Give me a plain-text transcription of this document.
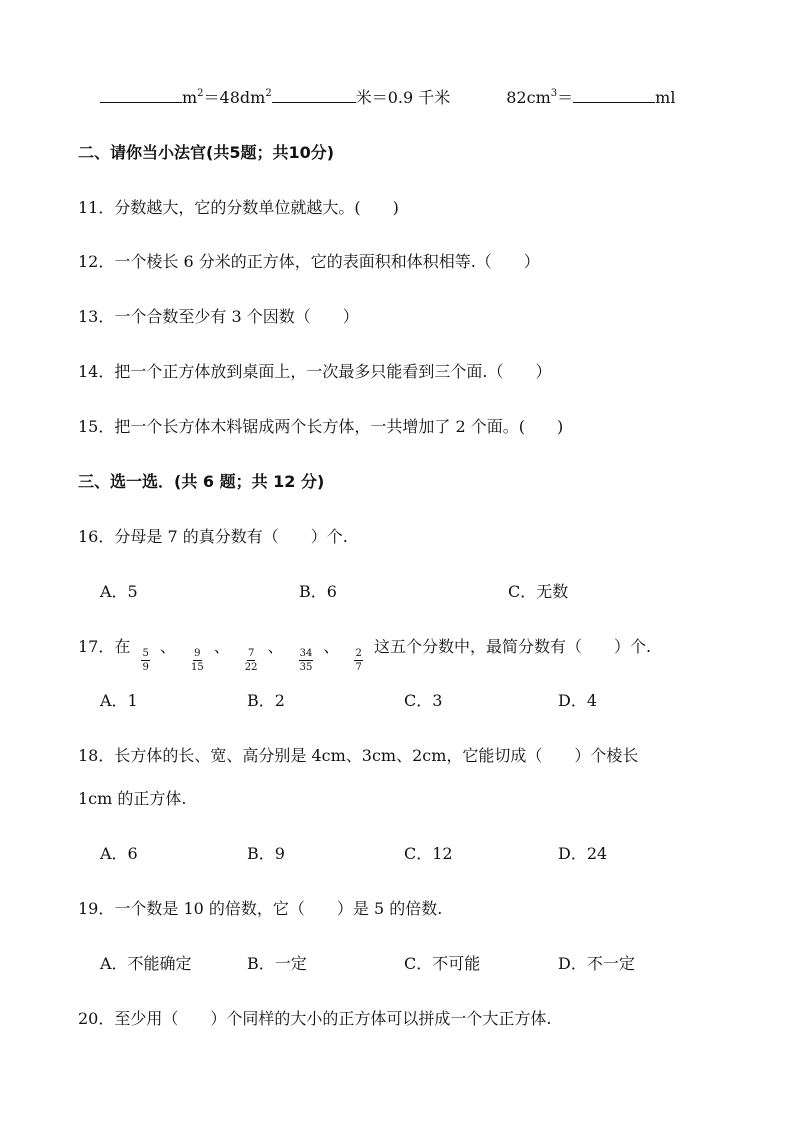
$m^2=48dm^2$	米＝0.9 千米	$82cm^3=$	ml
二、请你当小法官(共5题；共10分)
11．分数越大，它的分数单位就越大。(　　)
12．一个棱长 6 分米的正方体，它的表面积和体积相等.（　　）
13．一个合数至少有 3 个因数（　　）
14．把一个正方体放到桌面上，一次最多只能看到三个面.（　　）
15．把一个长方体木料锯成两个长方体，一共增加了 2 个面。(　　)
三、选一选．(共 6 题；共 12 分)
16．分母是 7 的真分数有（　　）个.
A．5	B．6	C．无数
17．在
$\frac{5}{9}$
、
$\frac{9}{15}$
、
$\frac{7}{22}$
、
$\frac{34}{35}$
、
$\frac{2}{7}$
这五个分数中，最简分数有（　　）个.
A．1	B．2	C．3	D．4
18．长方体的长、宽、高分别是 4cm、3cm、2cm，它能切成（　　）个棱长
1cm 的正方体.
A．6	B．9	C．12	D．24
19．一个数是 10 的倍数，它（　　）是 5 的倍数.
A．不能确定	B．一定	C．不可能	D．不一定
20．至少用（　　）个同样的大小的正方体可以拼成一个大正方体.
